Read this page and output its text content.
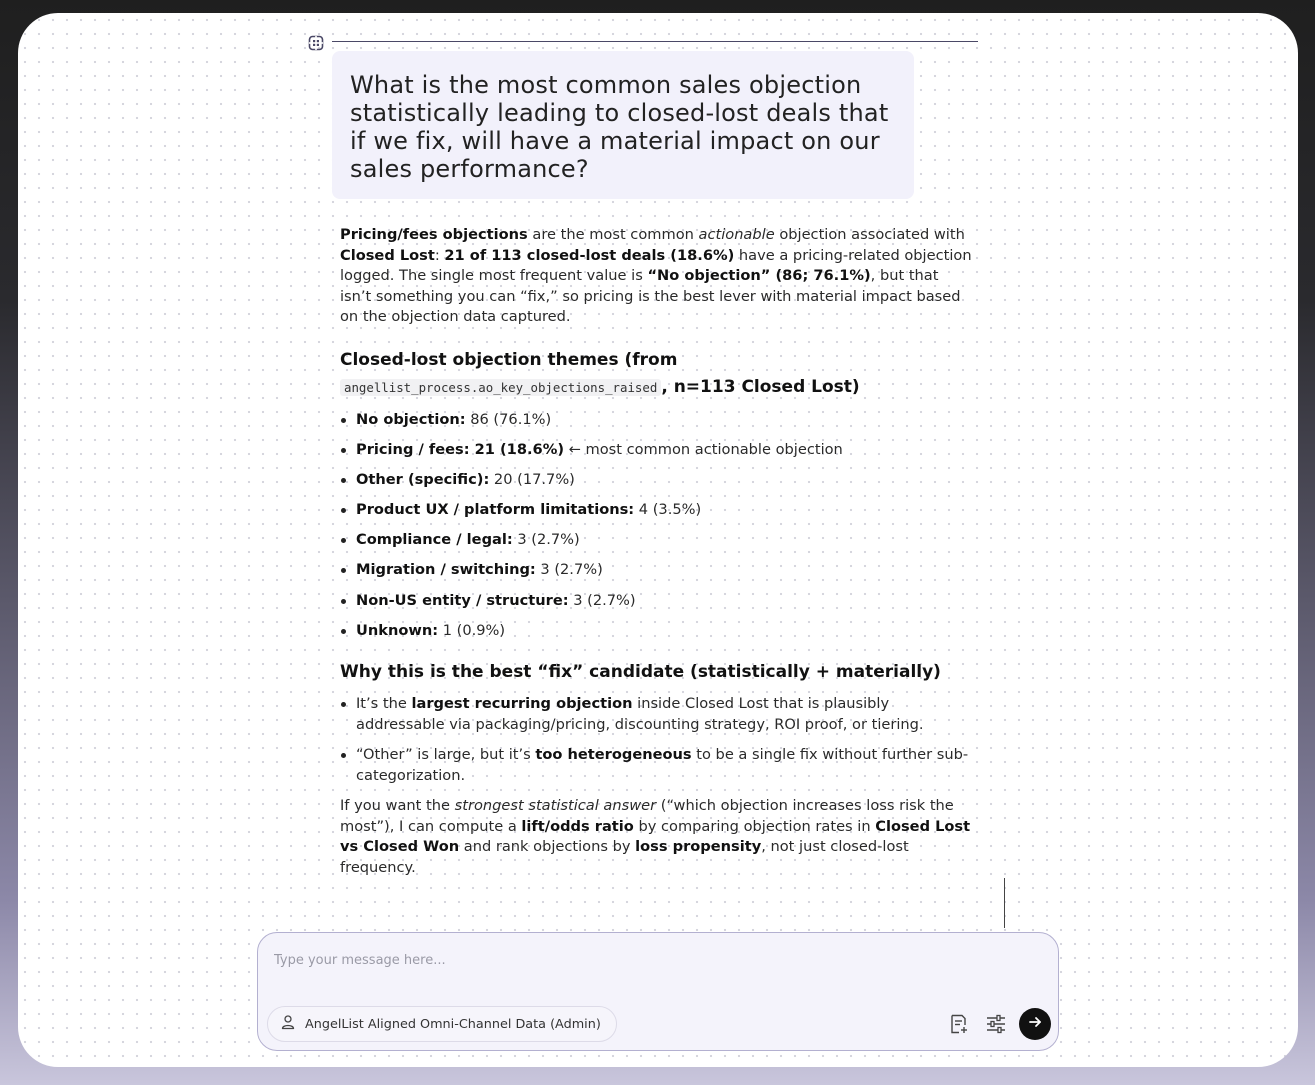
What is the most common sales objection statistically leading to closed-lost deals that if we fix, will have a material impact on our sales performance?

Pricing/fees objections are the most common actionable objection associated with Closed Lost: 21 of 113 closed-lost deals (18.6%) have a pricing-related objection logged. The single most frequent value is “No objection” (86; 76.1%), but that isn’t something you can “fix,” so pricing is the best lever with material impact based on the objection data captured.

Closed-lost objection themes (from
angellist_process.ao_key_objections_raised , n=113 Closed Lost)
No objection: 86 (76.1%)
Pricing / fees: 21 (18.6%) ← most common actionable objection
Other (specific): 20 (17.7%)
Product UX / platform limitations: 4 (3.5%)
Compliance / legal: 3 (2.7%)
Migration / switching: 3 (2.7%)
Non-US entity / structure: 3 (2.7%)
Unknown: 1 (0.9%)
Why this is the best “fix” candidate (statistically + materially)
It’s the largest recurring objection inside Closed Lost that is plausibly addressable via packaging/pricing, discounting strategy, ROI proof, or tiering.
“Other” is large, but it’s too heterogeneous to be a single fix without further sub-categorization.

If you want the strongest statistical answer (“which objection increases loss risk the most”), I can compute a lift/odds ratio by comparing objection rates in Closed Lost vs Closed Won and rank objections by loss propensity, not just closed-lost frequency.

Type your message here...
AngelList Aligned Omni-Channel Data (Admin)
